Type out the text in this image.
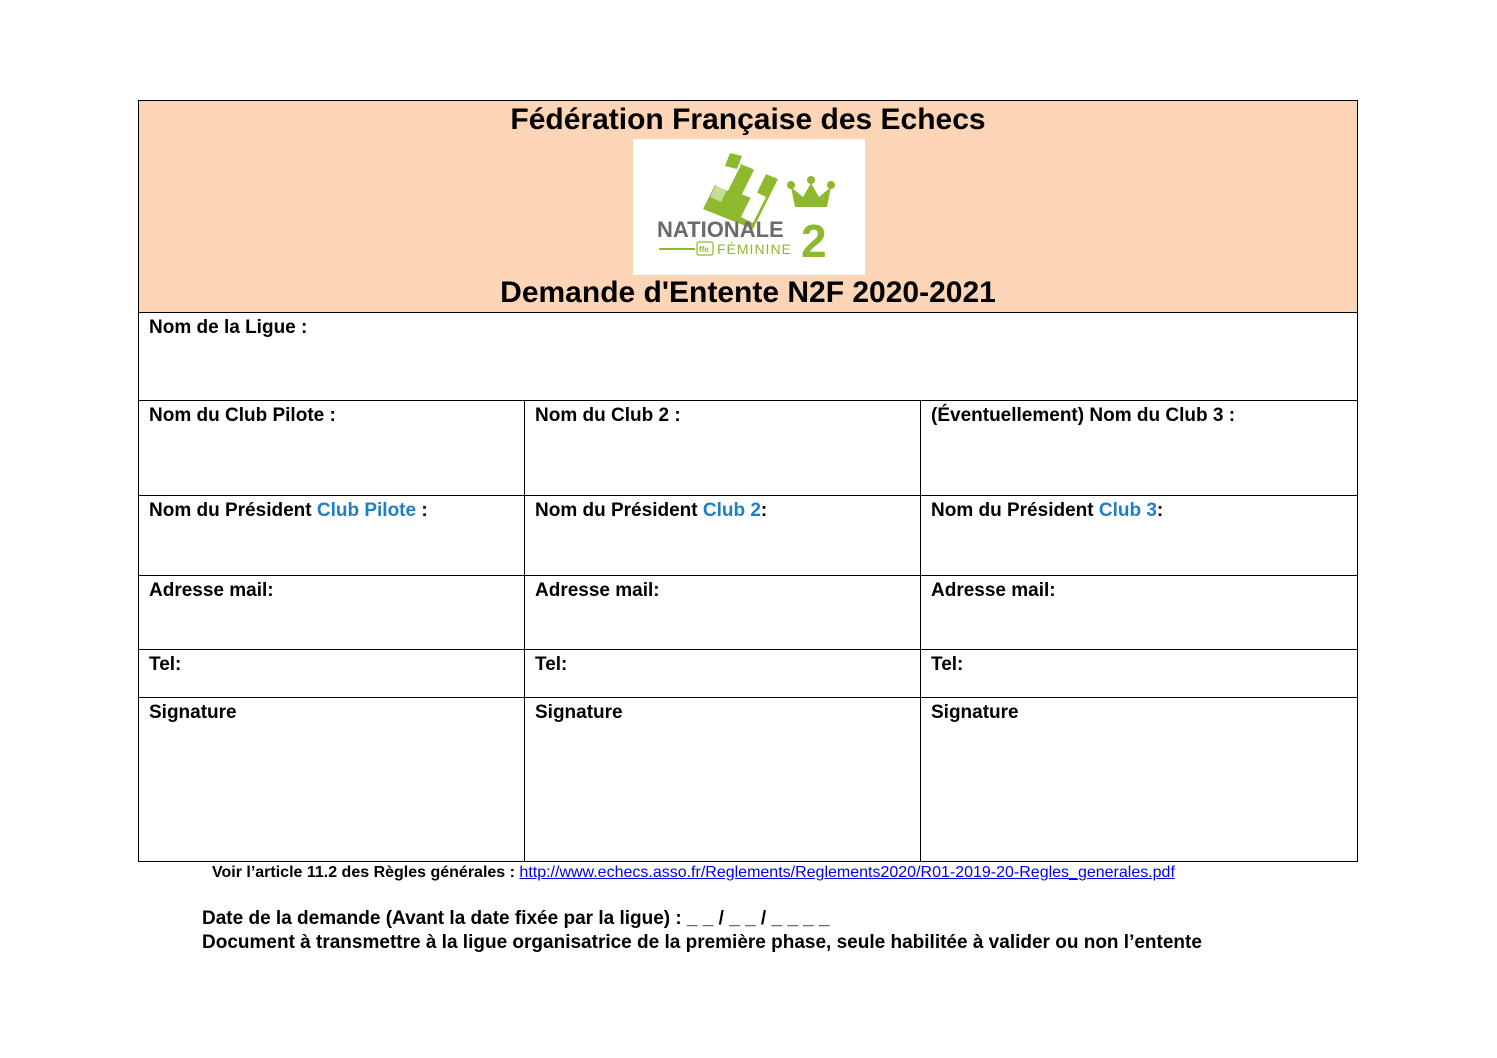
Fédération Française des Echecs
NATIONALE 2
ffe FÉMININE
Demande d'Entente N2F 2020-2021
Nom de la Ligue :
Nom du Club Pilote :	Nom du Club 2 :	(Éventuellement) Nom du Club 3 :
Nom du Président Club Pilote :	Nom du Président Club 2:	Nom du Président Club 3:
Adresse mail:	Adresse mail:	Adresse mail:
Tel:	Tel:	Tel:
Signature	Signature	Signature
Voir l’article 11.2 des Règles générales : http://www.echecs.asso.fr/Reglements/Reglements2020/R01-2019-20-Regles_generales.pdf
Date de la demande (Avant la date fixée par la ligue) : _ _ / _ _ / _ _ _ _
Document à transmettre à la ligue organisatrice de la première phase, seule habilitée à valider ou non l’entente
